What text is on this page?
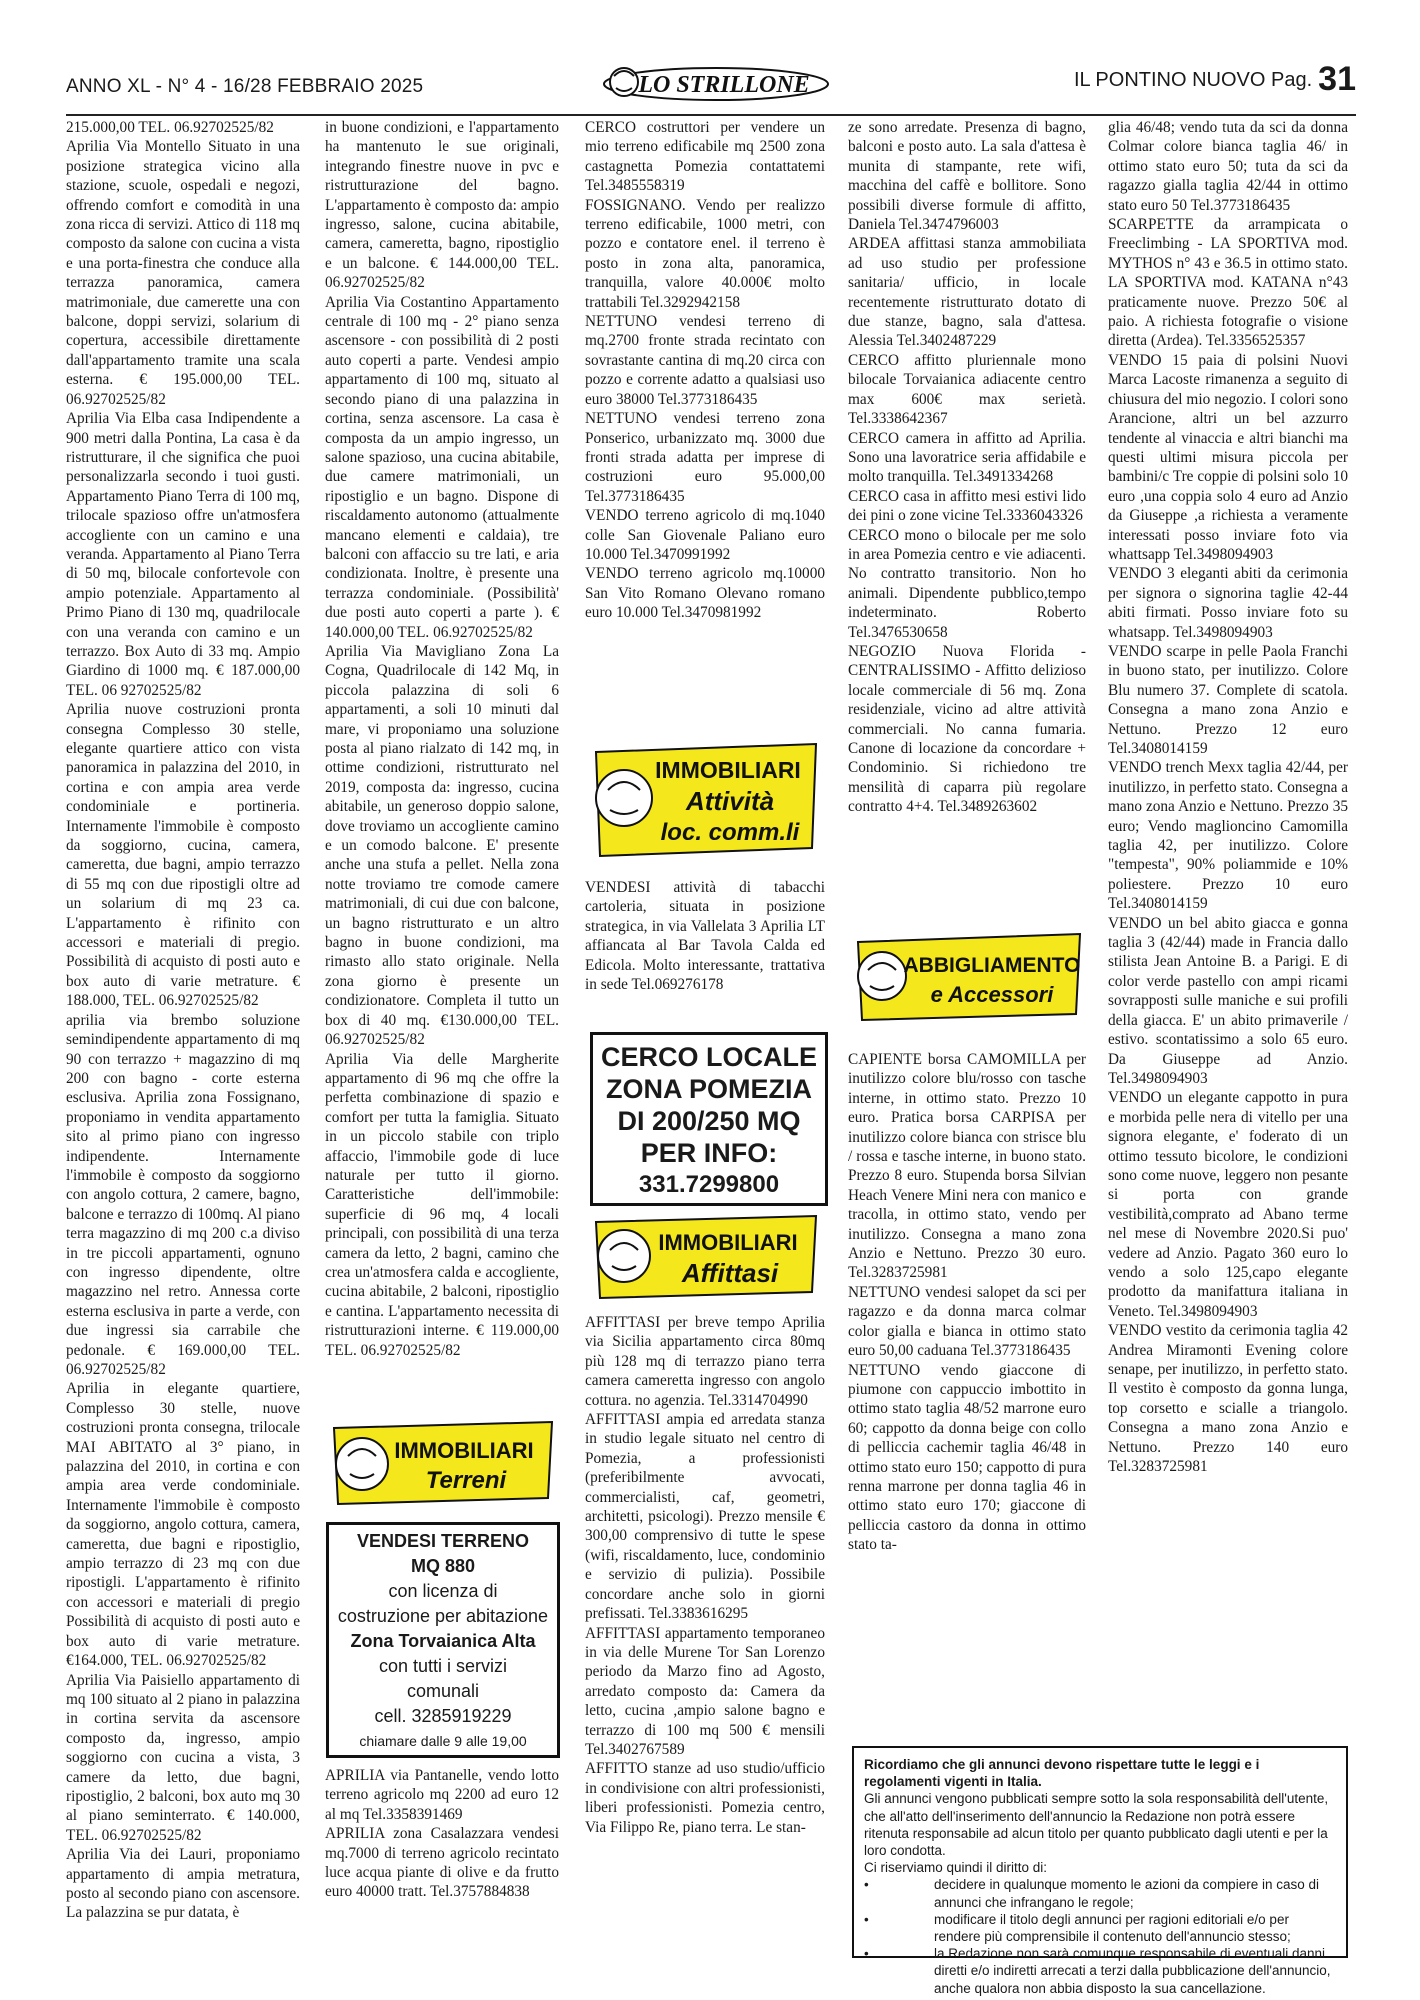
ANNO XL - N° 4 - 16/28 FEBBRAIO 2025	LO STRILLONE	IL PONTINO NUOVO Pag. 31

215.000,00 TEL. 06.92702525/82

Aprilia Via Montello Situato in una posizione strategica vicino alla stazione, scuole, ospedali e negozi, offrendo comfort e comodità in una zona ricca di servizi. Attico di 118 mq composto da salone con cucina a vista e una porta-finestra che conduce alla terrazza panoramica, camera matrimoniale, due camerette una con balcone, doppi servizi, solarium di copertura, accessibile direttamente dall'appartamento tramite una scala esterna. € 195.000,00 TEL. 06.92702525/82

Aprilia Via Elba casa Indipendente a 900 metri dalla Pontina, La casa è da ristrutturare, il che significa che puoi personalizzarla secondo i tuoi gusti. Appartamento Piano Terra di 100 mq, trilocale spazioso offre un'atmosfera accogliente con un camino e una veranda. Appartamento al Piano Terra di 50 mq, bilocale confortevole con ampio potenziale. Appartamento al Primo Piano di 130 mq, quadrilocale con una veranda con camino e un terrazzo. Box Auto di 33 mq. Ampio Giardino di 1000 mq. € 187.000,00 TEL. 06 92702525/82

Aprilia nuove costruzioni pronta consegna Complesso 30 stelle, elegante quartiere attico con vista panoramica in palazzina del 2010, in cortina e con ampia area verde condominiale e portineria. Internamente l'immobile è composto da soggiorno, cucina, camera, cameretta, due bagni, ampio terrazzo di 55 mq con due ripostigli oltre ad un solarium di mq 23 ca. L'appartamento è rifinito con accessori e materiali di pregio. Possibilità di acquisto di posti auto e box auto di varie metrature. € 188.000, TEL. 06.92702525/82

aprilia via brembo soluzione semindipendente appartamento di mq 90 con terrazzo + magazzino di mq 200 con bagno - corte esterna esclusiva. Aprilia zona Fossignano, proponiamo in vendita appartamento sito al primo piano con ingresso indipendente. Internamente l'immobile è composto da soggiorno con angolo cottura, 2 camere, bagno, balcone e terrazzo di 100mq. Al piano terra magazzino di mq 200 c.a diviso in tre piccoli appartamenti, ognuno con ingresso dipendente, oltre magazzino nel retro. Annessa corte esterna esclusiva in parte a verde, con due ingressi sia carrabile che pedonale. € 169.000,00 TEL. 06.92702525/82

Aprilia in elegante quartiere, Complesso 30 stelle, nuove costruzioni pronta consegna, trilocale MAI ABITATO al 3° piano, in palazzina del 2010, in cortina e con ampia area verde condominiale. Internamente l'immobile è composto da soggiorno, angolo cottura, camera, cameretta, due bagni e ripostiglio, ampio terrazzo di 23 mq con due ripostigli. L'appartamento è rifinito con accessori e materiali di pregio Possibilità di acquisto di posti auto e box auto di varie metrature. €164.000, TEL. 06.92702525/82

Aprilia Via Paisiello appartamento di mq 100 situato al 2 piano in palazzina in cortina servita da ascensore composto da, ingresso, ampio soggiorno con cucina a vista, 3 camere da letto, due bagni, ripostiglio, 2 balconi, box auto mq 30 al piano seminterrato. € 140.000, TEL. 06.92702525/82

Aprilia Via dei Lauri, proponiamo appartamento di ampia metratura, posto al secondo piano con ascensore. La palazzina se pur datata, è

in buone condizioni, e l'appartamento ha mantenuto le sue originali, integrando finestre nuove in pvc e ristrutturazione del bagno. L'appartamento è composto da: ampio ingresso, salone, cucina abitabile, camera, cameretta, bagno, ripostiglio e un balcone. € 144.000,00 TEL. 06.92702525/82

Aprilia Via Costantino Appartamento centrale di 100 mq - 2° piano senza ascensore - con possibilità di 2 posti auto coperti a parte. Vendesi ampio appartamento di 100 mq, situato al secondo piano di una palazzina in cortina, senza ascensore. La casa è composta da un ampio ingresso, un salone spazioso, una cucina abitabile, due camere matrimoniali, un ripostiglio e un bagno. Dispone di riscaldamento autonomo (attualmente mancano elementi e caldaia), tre balconi con affaccio su tre lati, e aria condizionata. Inoltre, è presente una terrazza condominiale. (Possibilità' due posti auto coperti a parte ). € 140.000,00 TEL. 06.92702525/82

Aprilia Via Mavigliano Zona La Cogna, Quadrilocale di 142 Mq, in piccola palazzina di soli 6 appartamenti, a soli 10 minuti dal mare, vi proponiamo una soluzione posta al piano rialzato di 142 mq, in ottime condizioni, ristrutturato nel 2019, composta da: ingresso, cucina abitabile, un generoso doppio salone, dove troviamo un accogliente camino e un comodo balcone. E' presente anche una stufa a pellet. Nella zona notte troviamo tre comode camere matrimoniali, di cui due con balcone, un bagno ristrutturato e un altro bagno in buone condizioni, ma rimasto allo stato originale. Nella zona giorno è presente un condizionatore. Completa il tutto un box di 40 mq. €130.000,00 TEL. 06.92702525/82

Aprilia Via delle Margherite appartamento di 96 mq che offre la perfetta combinazione di spazio e comfort per tutta la famiglia. Situato in un piccolo stabile con triplo affaccio, l'immobile gode di luce naturale per tutto il giorno. Caratteristiche dell'immobile: superficie di 96 mq, 4 locali principali, con possibilità di una terza camera da letto, 2 bagni, camino che crea un'atmosfera calda e accogliente, cucina abitabile, 2 balconi, ripostiglio e cantina. L'appartamento necessita di ristrutturazioni interne. € 119.000,00 TEL. 06.92702525/82

IMMOBILIARI
Terreni

VENDESI TERRENO

MQ 880

con licenza di

costruzione per abitazione

Zona Torvaianica Alta

con tutti i servizi

comunali

cell. 3285919229

chiamare dalle 9 alle 19,00

APRILIA via Pantanelle, vendo lotto terreno agricolo mq 2200 ad euro 12 al mq Tel.3358391469

APRILIA zona Casalazzara vendesi mq.7000 di terreno agricolo recintato luce acqua piante di olive e da frutto euro 40000 tratt. Tel.3757884838

CERCO costruttori per vendere un mio terreno edificabile mq 2500 zona castagnetta Pomezia contattatemi Tel.3485558319

FOSSIGNANO. Vendo per realizzo terreno edificabile, 1000 metri, con pozzo e contatore enel. il terreno è posto in zona alta, panoramica, tranquilla, valore 40.000€ molto trattabili Tel.3292942158

NETTUNO vendesi terreno di mq.2700 fronte strada recintato con sovrastante cantina di mq.20 circa con pozzo e corrente adatto a qualsiasi uso euro 38000 Tel.3773186435

NETTUNO vendesi terreno zona Ponserico, urbanizzato mq. 3000 due fronti strada adatta per imprese di costruzioni euro 95.000,00 Tel.3773186435

VENDO terreno agricolo di mq.1040 colle San Giovenale Paliano euro 10.000 Tel.3470991992

VENDO terreno agricolo mq.10000 San Vito Romano Olevano romano euro 10.000 Tel.3470981992

IMMOBILIARI
Attività
loc. comm.li

VENDESI attività di tabacchi cartoleria, situata in posizione strategica, in via Vallelata 3 Aprilia LT affiancata al Bar Tavola Calda ed Edicola. Molto interessante, trattativa in sede Tel.069276178

CERCO LOCALE

ZONA POMEZIA

DI 200/250 MQ

PER INFO:

331.7299800

IMMOBILIARI
Affittasi

AFFITTASI per breve tempo Aprilia via Sicilia appartamento circa 80mq più 128 mq di terrazzo piano terra camera cameretta ingresso con angolo cottura. no agenzia. Tel.3314704990

AFFITTASI ampia ed arredata stanza in studio legale situato nel centro di Pomezia, a professionisti (preferibilmente avvocati, commercialisti, caf, geometri, architetti, psicologi). Prezzo mensile € 300,00 comprensivo di tutte le spese (wifi, riscaldamento, luce, condominio e servizio di pulizia). Possibile concordare anche solo in giorni prefissati. Tel.3383616295

AFFITTASI appartamento temporaneo in via delle Murene Tor San Lorenzo periodo da Marzo fino ad Agosto, arredato composto da: Camera da letto, cucina ,ampio salone bagno e terrazzo di 100 mq 500 € mensili Tel.3402767589

AFFITTO stanze ad uso studio/ufficio in condivisione con altri professionisti, liberi professionisti. Pomezia centro, Via Filippo Re, piano terra. Le stan-

ze sono arredate. Presenza di bagno, balconi e posto auto. La sala d'attesa è munita di stampante, rete wifi, macchina del caffè e bollitore. Sono possibili diverse formule di affitto, Daniela Tel.3474796003

ARDEA affittasi stanza ammobiliata ad uso studio per professione sanitaria/ ufficio, in locale recentemente ristrutturato dotato di due stanze, bagno, sala d'attesa. Alessia Tel.3402487229

CERCO affitto pluriennale mono bilocale Torvaianica adiacente centro max 600€ max serietà. Tel.3338642367

CERCO camera in affitto ad Aprilia. Sono una lavoratrice seria affidabile e molto tranquilla. Tel.3491334268

CERCO casa in affitto mesi estivi lido dei pini o zone vicine Tel.3336043326

CERCO mono o bilocale per me solo in area Pomezia centro e vie adiacenti. No contratto transitorio. Non ho animali. Dipendente pubblico,tempo indeterminato. Roberto Tel.3476530658

NEGOZIO Nuova Florida - CENTRALISSIMO - Affitto delizioso locale commerciale di 56 mq. Zona residenziale, vicino ad altre attività commerciali. No canna fumaria. Canone di locazione da concordare + Condominio. Si richiedono tre mensilità di caparra più regolare contratto 4+4. Tel.3489263602

ABBIGLIAMENTO
e Accessori

CAPIENTE borsa CAMOMILLA per inutilizzo colore blu/rosso con tasche interne, in ottimo stato. Prezzo 10 euro. Pratica borsa CARPISA per inutilizzo colore bianca con strisce blu / rossa e tasche interne, in buono stato. Prezzo 8 euro. Stupenda borsa Silvian Heach Venere Mini nera con manico e tracolla, in ottimo stato, vendo per inutilizzo. Consegna a mano zona Anzio e Nettuno. Prezzo 30 euro. Tel.3283725981

NETTUNO vendesi salopet da sci per ragazzo e da donna marca colmar color gialla e bianca in ottimo stato euro 50,00 caduana Tel.3773186435

NETTUNO vendo giaccone di piumone con cappuccio imbottito in ottimo stato taglia 48/52 marrone euro 60; cappotto da donna beige con collo di pelliccia cachemir taglia 46/48 in ottimo stato euro 150; cappotto di pura renna marrone per donna taglia 46 in ottimo stato euro 170; giaccone di pelliccia castoro da donna in ottimo stato ta-

glia 46/48; vendo tuta da sci da donna Colmar colore bianca taglia 46/ in ottimo stato euro 50; tuta da sci da ragazzo gialla taglia 42/44 in ottimo stato euro 50 Tel.3773186435

SCARPETTE da arrampicata o Freeclimbing - LA SPORTIVA mod. MYTHOS n° 43 e 36.5 in ottimo stato. LA SPORTIVA mod. KATANA n°43 praticamente nuove. Prezzo 50€ al paio. A richiesta fotografie o visione diretta (Ardea). Tel.3356525357

VENDO 15 paia di polsini Nuovi Marca Lacoste rimanenza a seguito di chiusura del mio negozio. I colori sono Arancione, altri un bel azzurro tendente al vinaccia e altri bianchi ma questi ultimi misura piccola per bambini/c Tre coppie di polsini solo 10 euro ,una coppia solo 4 euro ad Anzio da Giuseppe ,a richiesta a veramente interessati posso inviare foto via whattsapp Tel.3498094903

VENDO 3 eleganti abiti da cerimonia per signora o signorina taglie 42-44 abiti firmati. Posso inviare foto su whatsapp. Tel.3498094903

VENDO scarpe in pelle Paola Franchi in buono stato, per inutilizzo. Colore Blu numero 37. Complete di scatola. Consegna a mano zona Anzio e Nettuno. Prezzo 12 euro Tel.3408014159

VENDO trench Mexx taglia 42/44, per inutilizzo, in perfetto stato. Consegna a mano zona Anzio e Nettuno. Prezzo 35 euro; Vendo maglioncino Camomilla taglia 42, per inutilizzo. Colore "tempesta", 90% poliammide e 10% poliestere. Prezzo 10 euro Tel.3408014159

VENDO un bel abito giacca e gonna taglia 3 (42/44) made in Francia dallo stilista Jean Antoine B. a Parigi. E di color verde pastello con ampi ricami sovrapposti sulle maniche e sui profili della giacca. E' un abito primaverile / estivo. scontatissimo a solo 65 euro. Da Giuseppe ad Anzio. Tel.3498094903

VENDO un elegante cappotto in pura e morbida pelle nera di vitello per una signora elegante, e' foderato di un ottimo tessuto bicolore, le condizioni sono come nuove, leggero non pesante si porta con grande vestibilità,comprato ad Abano terme nel mese di Novembre 2020.Si puo' vedere ad Anzio. Pagato 360 euro lo vendo a solo 125,capo elegante prodotto da manifattura italiana in Veneto. Tel.3498094903

VENDO vestito da cerimonia taglia 42 Andrea Miramonti Evening colore senape, per inutilizzo, in perfetto stato. Il vestito è composto da gonna lunga, top corsetto e scialle a triangolo. Consegna a mano zona Anzio e Nettuno. Prezzo 140 euro Tel.3283725981

Ricordiamo che gli annunci devono rispettare tutte le leggi e i regolamenti vigenti in Italia.

Gli annunci vengono pubblicati sempre sotto la sola responsabilità dell'utente, che all'atto dell'inserimento dell'annuncio la Redazione non potrà essere ritenuta responsabile ad alcun titolo per quanto pubblicato dagli utenti e per la loro condotta.

Ci riserviamo quindi il diritto di:

•	decidere in qualunque momento le azioni da compiere in caso di annunci che infrangano le regole;

•	modificare il titolo degli annunci per ragioni editoriali e/o per rendere più comprensibile il contenuto dell'annuncio stesso;

•	la Redazione non sarà comunque responsabile di eventuali danni diretti e/o indiretti arrecati a terzi dalla pubblicazione dell'annuncio, anche qualora non abbia disposto la sua cancellazione.
